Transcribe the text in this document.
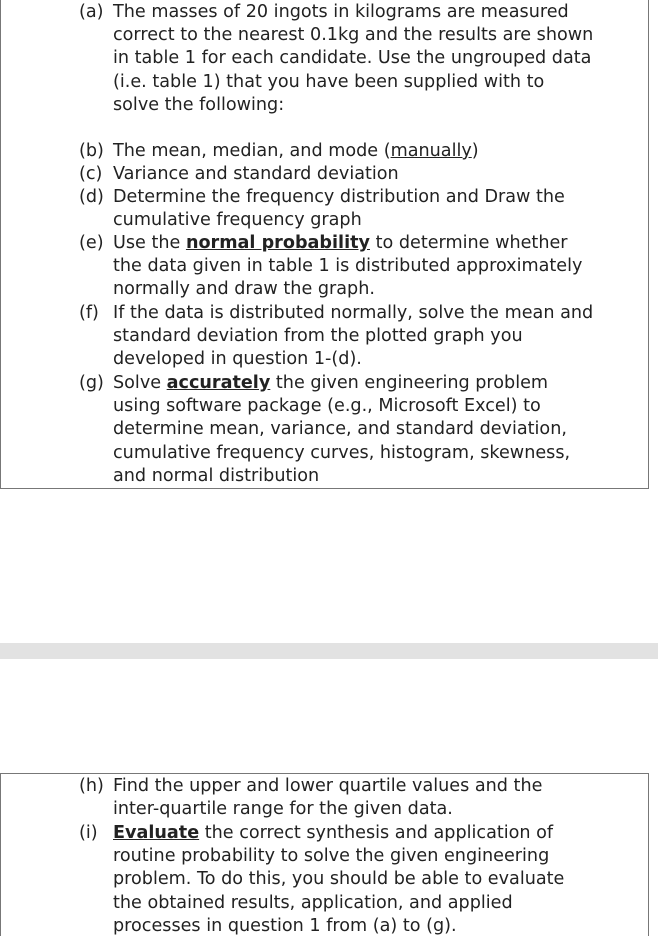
(a) The masses of 20 ingots in kilograms are measured
correct to the nearest 0.1kg and the results are shown
in table 1 for each candidate. Use the ungrouped data
(i.e. table 1) that you have been supplied with to
solve the following:
(b) The mean, median, and mode (manually)
(c) Variance and standard deviation
(d) Determine the frequency distribution and Draw the
cumulative frequency graph
(e) Use the normal probability to determine whether
the data given in table 1 is distributed approximately
normally and draw the graph.
(f) If the data is distributed normally, solve the mean and
standard deviation from the plotted graph you
developed in question 1-(d).
(g) Solve accurately the given engineering problem
using software package (e.g., Microsoft Excel) to
determine mean, variance, and standard deviation,
cumulative frequency curves, histogram, skewness,
and normal distribution
(h) Find the upper and lower quartile values and the
inter-quartile range for the given data.
(i) Evaluate the correct synthesis and application of
routine probability to solve the given engineering
problem. To do this, you should be able to evaluate
the obtained results, application, and applied
processes in question 1 from (a) to (g).
